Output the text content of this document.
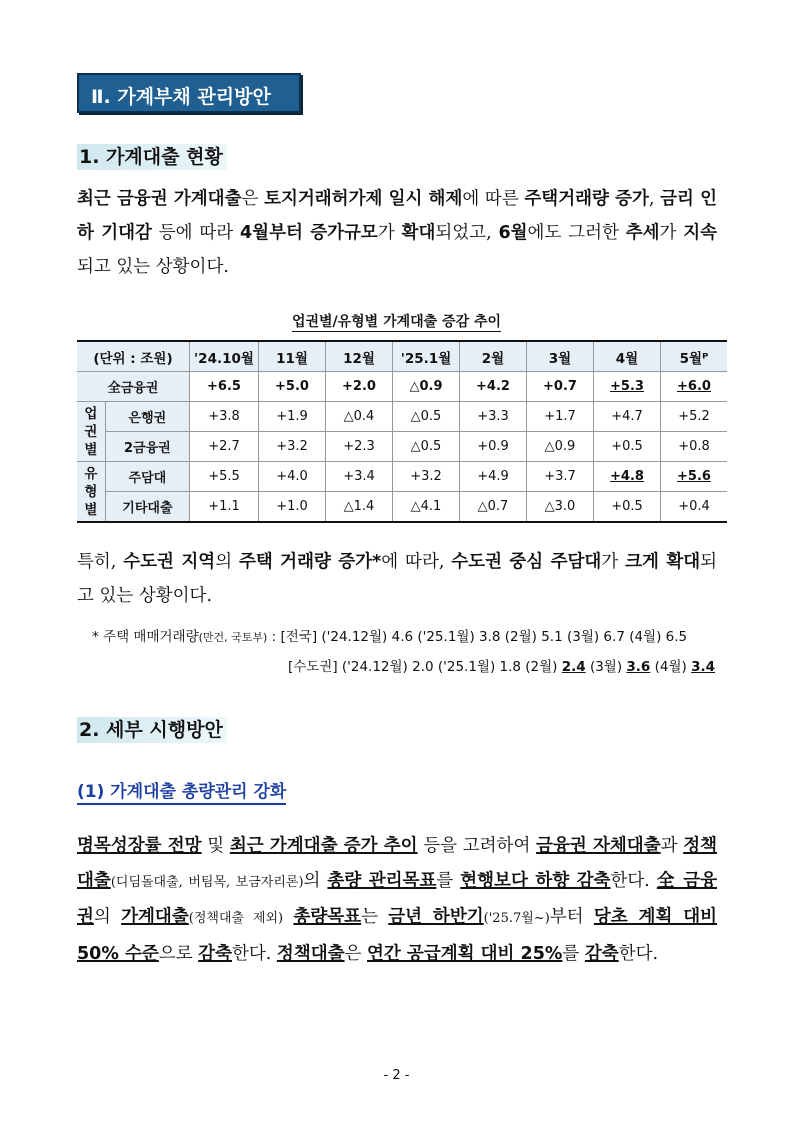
Ⅱ. 가계부채 관리방안
1. 가계대출 현황
최근 금융권 가계대출은 토지거래허가제 일시 해제에 따른 주택거래량 증가, 금리 인하 기대감 등에 따라 4월부터 증가규모가 확대되었고, 6월에도 그러한 추세가 지속되고 있는 상황이다.
업권별/유형별 가계대출 증감 추이
(단위 : 조원)		'24.10월	11월	12월	'25.1월	2월	3월	4월	5월ᴾ
全금융권		+6.5	+5.0	+2.0	△0.9	+4.2	+0.7	+5.3	+6.0

업
권
별	은행권	+3.8	+1.9	△0.4	△0.5	+3.3	+1.7	+4.7	+5.2
	2금융권	+2.7	+3.2	+2.3	△0.5	+0.9	△0.9	+0.5	+0.8

유
형
별	주담대	+5.5	+4.0	+3.4	+3.2	+4.9	+3.7	+4.8	+5.6
	기타대출	+1.1	+1.0	△1.4	△4.1	△0.7	△3.0	+0.5	+0.4
특히, 수도권 지역의 주택 거래량 증가*에 따라, 수도권 중심 주담대가 크게 확대되고 있는 상황이다.
* 주택 매매거래량(만건, 국토부) : [전국] ('24.12월) 4.6 ('25.1월) 3.8 (2월) 5.1 (3월) 6.7 (4월) 6.5
[수도권] ('24.12월) 2.0 ('25.1월) 1.8 (2월) 2.4 (3월) 3.6 (4월) 3.4
2. 세부 시행방안
(1) 가계대출 총량관리 강화
명목성장률 전망 및 최근 가계대출 증가 추이 등을 고려하여 금융권 자체대출과 정책대출(디딤돌대출, 버팀목, 보금자리론)의 총량 관리목표를 현행보다 하향 감축한다. 全 금융권의 가계대출(정책대출 제외) 총량목표는 금년 하반기('25.7월~)부터 당초 계획 대비 50% 수준으로 감축한다. 정책대출은 연간 공급계획 대비 25%를 감축한다.
- 2 -
